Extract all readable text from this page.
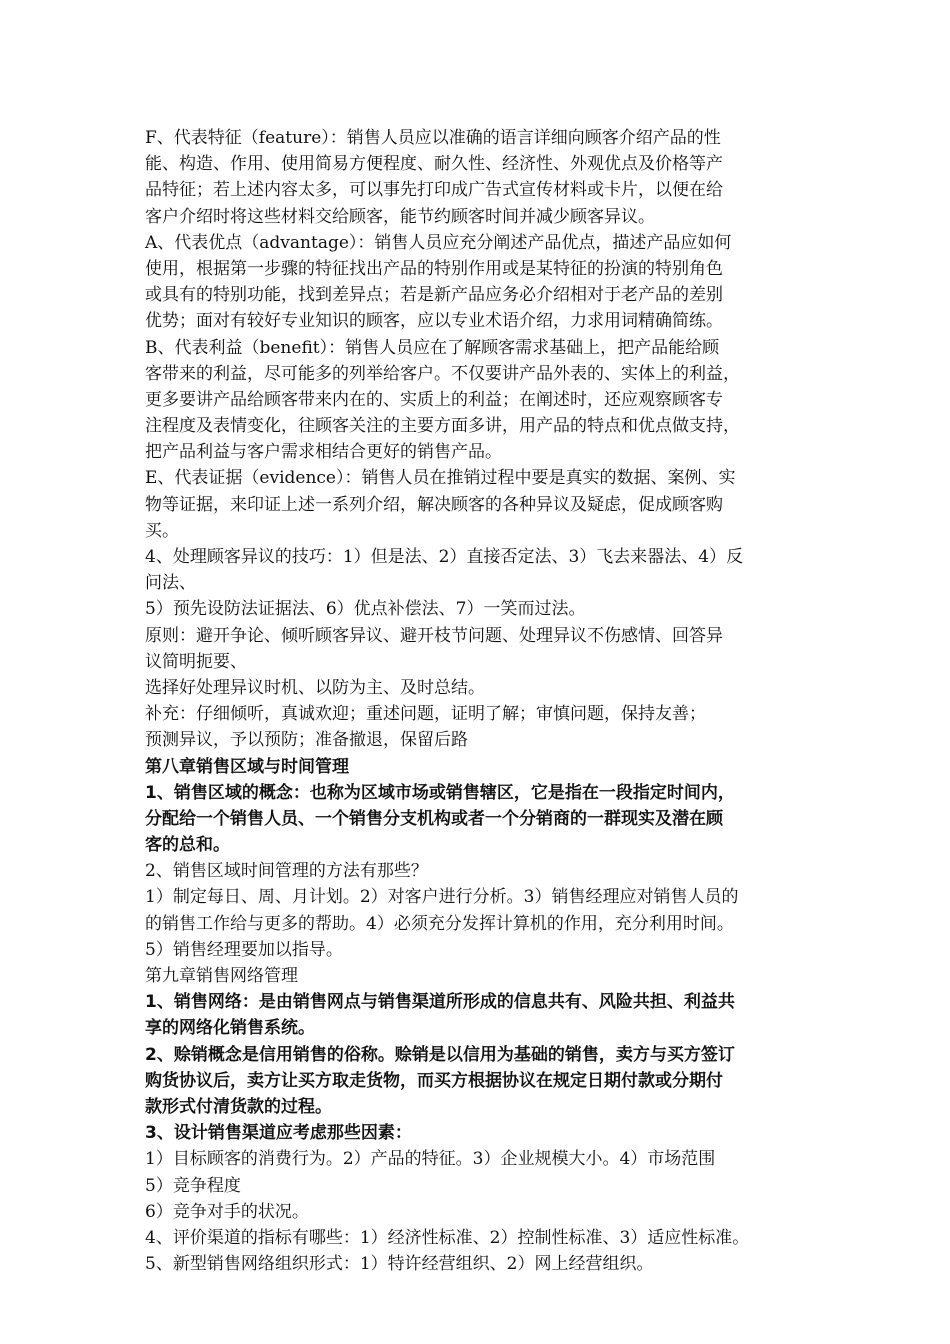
F、代表特征（feature）：销售人员应以准确的语言详细向顾客介绍产品的性
能、构造、作用、使用简易方便程度、耐久性、经济性、外观优点及价格等产
品特征；若上述内容太多，可以事先打印成广告式宣传材料或卡片，以便在给
客户介绍时将这些材料交给顾客，能节约顾客时间并减少顾客异议。
A、代表优点（advantage）：销售人员应充分阐述产品优点，描述产品应如何
使用，根据第一步骤的特征找出产品的特别作用或是某特征的扮演的特别角色
或具有的特别功能，找到差异点；若是新产品应务必介绍相对于老产品的差别
优势；面对有较好专业知识的顾客，应以专业术语介绍，力求用词精确简练。
B、代表利益（benefit）：销售人员应在了解顾客需求基础上，把产品能给顾
客带来的利益，尽可能多的列举给客户。不仅要讲产品外表的、实体上的利益，
更多要讲产品给顾客带来内在的、实质上的利益；在阐述时，还应观察顾客专
注程度及表情变化，往顾客关注的主要方面多讲，用产品的特点和优点做支持，
把产品利益与客户需求相结合更好的销售产品。
E、代表证据（evidence）：销售人员在推销过程中要是真实的数据、案例、实
物等证据，来印证上述一系列介绍，解决顾客的各种异议及疑虑，促成顾客购
买。
4、处理顾客异议的技巧：1）但是法、2）直接否定法、3）飞去来器法、4）反
问法、
5）预先设防法证据法、6）优点补偿法、7）一笑而过法。
原则：避开争论、倾听顾客异议、避开枝节问题、处理异议不伤感情、回答异
议简明扼要、
选择好处理异议时机、以防为主、及时总结。
补充：仔细倾听，真诚欢迎；重述问题，证明了解；审慎问题，保持友善；
预测异议，予以预防；准备撤退，保留后路
第八章销售区域与时间管理
1、销售区域的概念：也称为区域市场或销售辖区，它是指在一段指定时间内，
分配给一个销售人员、一个销售分支机构或者一个分销商的一群现实及潜在顾
客的总和。
2、销售区域时间管理的方法有那些？
1）制定每日、周、月计划。2）对客户进行分析。3）销售经理应对销售人员的
的销售工作给与更多的帮助。4）必须充分发挥计算机的作用，充分利用时间。
5）销售经理要加以指导。
第九章销售网络管理
1、销售网络：是由销售网点与销售渠道所形成的信息共有、风险共担、利益共
享的网络化销售系统。
2、赊销概念是信用销售的俗称。赊销是以信用为基础的销售，卖方与买方签订
购货协议后，卖方让买方取走货物，而买方根据协议在规定日期付款或分期付
款形式付清货款的过程。
3、设计销售渠道应考虑那些因素：
1）目标顾客的消费行为。2）产品的特征。3）企业规模大小。4）市场范围
5）竞争程度
6）竞争对手的状况。
4、评价渠道的指标有哪些：1）经济性标准、2）控制性标准、3）适应性标准。
5、新型销售网络组织形式：1）特许经营组织、2）网上经营组织。
